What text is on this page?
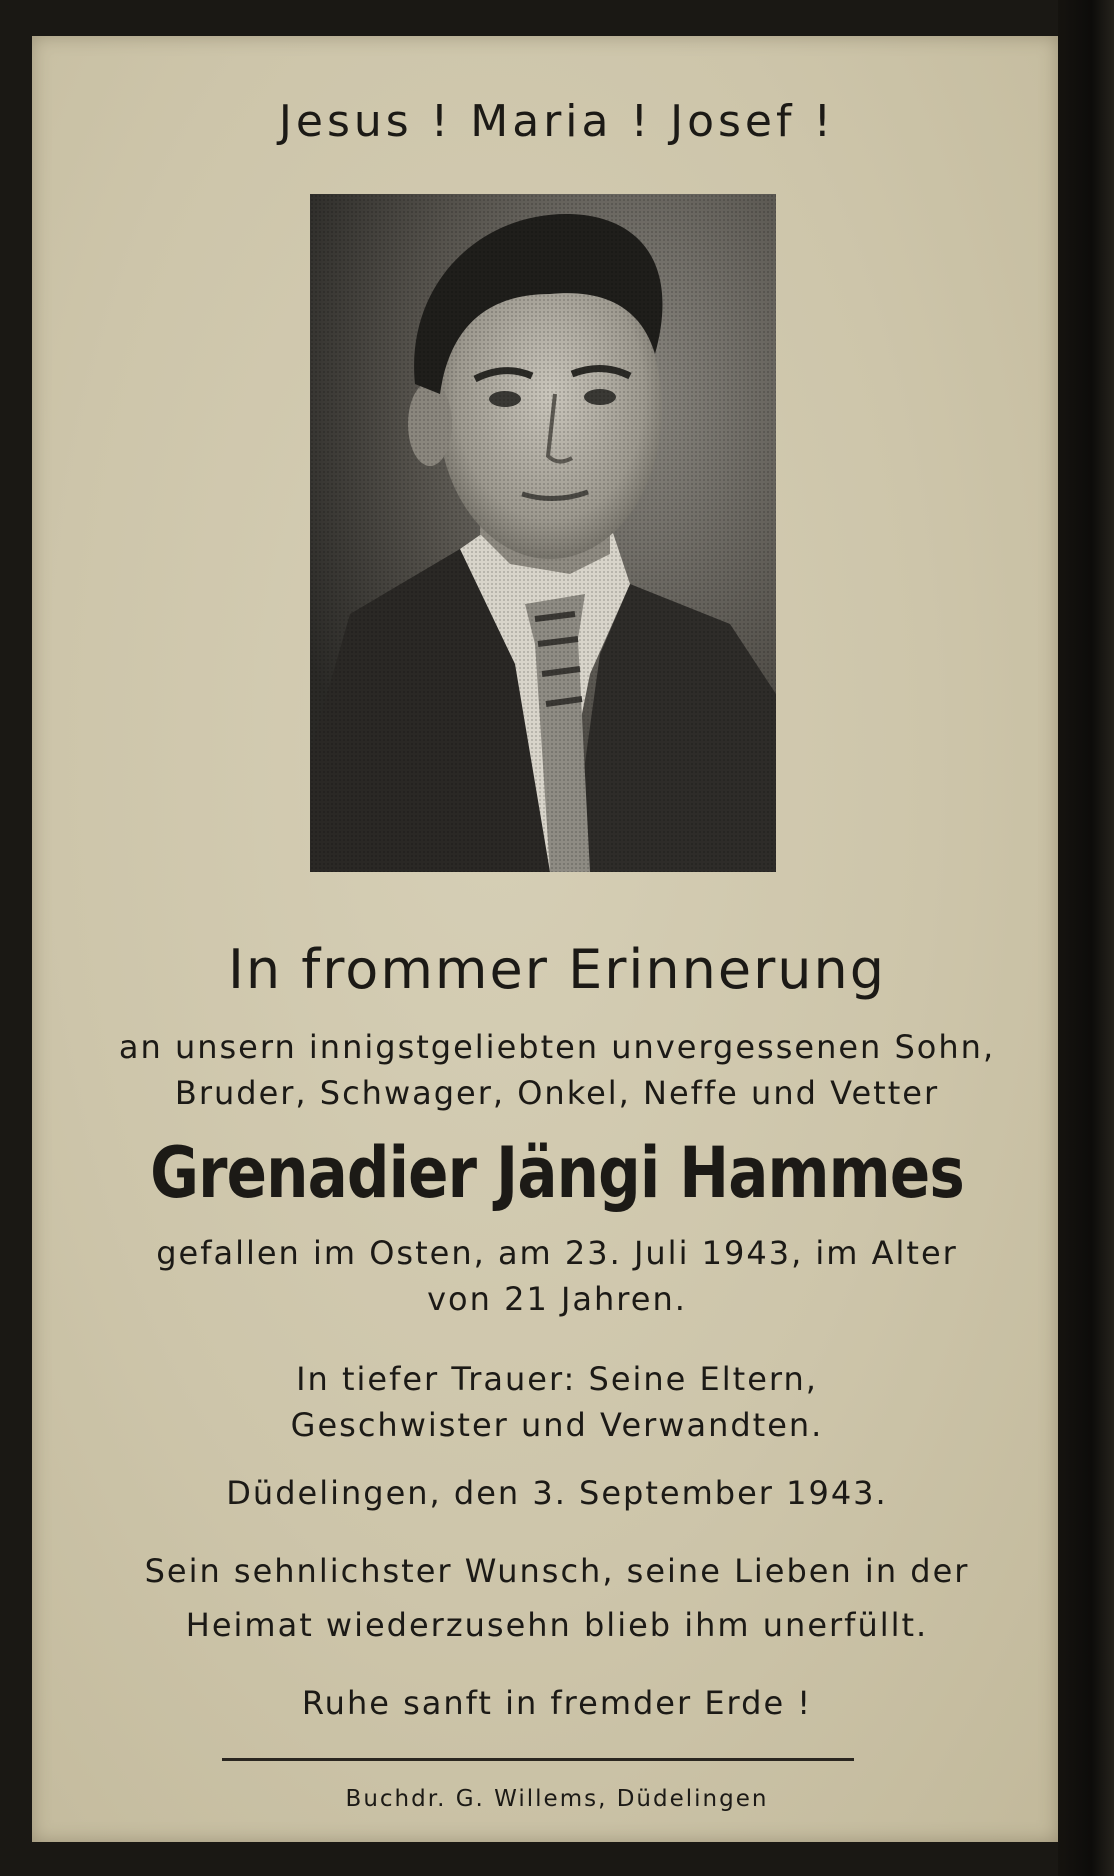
Jesus ! Maria ! Josef !
In frommer Erinnerung
an unsern innigstgeliebten unvergessenen Sohn,
Bruder, Schwager, Onkel, Neffe und Vetter
Grenadier Jängi Hammes
gefallen im Osten, am 23. Juli 1943, im Alter
von 21 Jahren.
In tiefer Trauer: Seine Eltern,
Geschwister und Verwandten.
Düdelingen, den 3. September 1943.
Sein sehnlichster Wunsch, seine Lieben in der
Heimat wiederzusehn blieb ihm unerfüllt.
Ruhe sanft in fremder Erde !
Buchdr. G. Willems, Düdelingen
